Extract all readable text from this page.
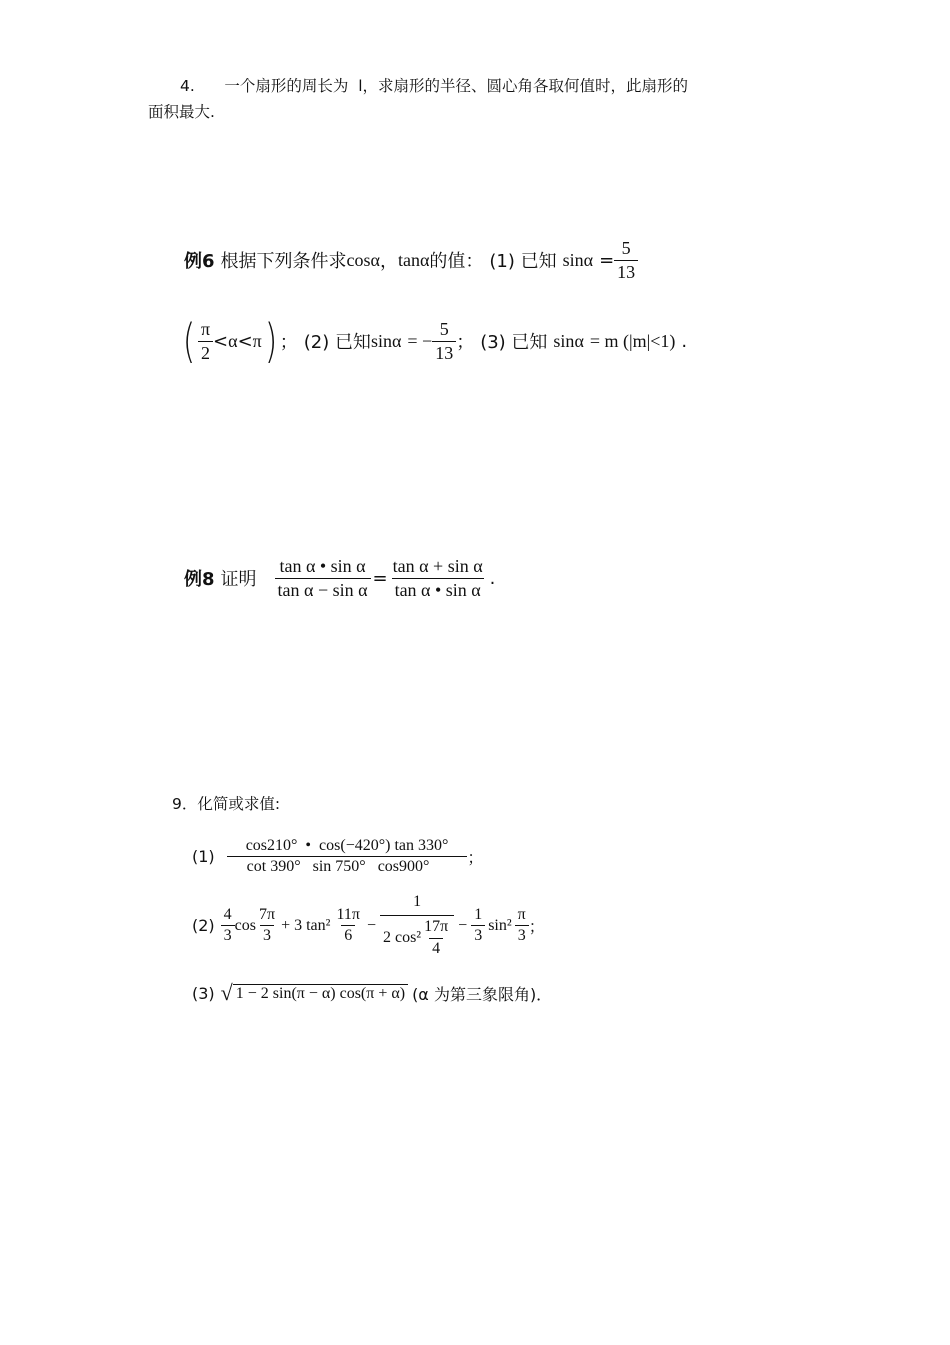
4.      一个扇形的周长为  l，求扇形的半径、圆心角各取何值时，此扇形的
面积最大.
例6 根据下列条件求 cos α ， tan α 的值： (1) 已知 $\sin \alpha = \frac{5}{13}$
( $\frac{\pi}{2} < \alpha < \pi$ ) ； (2) 已知 sin α = − $\frac{5}{13}$ ； (3) 已知 sin α = m (|m|<1) .
例8 证明 $\frac{\text{tan α • sin α}}{\text{tan α − sin α}} = \frac{\text{tan α + sin α}}{\text{tan α • sin α}}$ .
9．化简或求值:
$(1) \frac{\cos 210^\circ • \cos(-420^\circ) \tan 330^\circ}{\cot 390^\circ \sin 750^\circ \cos 900^\circ}$ ；
$(2) \frac{4}{3}$ $\cos \frac{7\pi}{3} + 3$ $\tan^2 \frac{11\pi}{6} - \frac{1}{2 \cos^2 \frac{17\pi}{4}} - \frac{1}{3} \sin^2 \frac{\pi}{3}$ ；
(3) √ 1 − 2 sin(π − α) cos(π + α) (α 为第三象限角)．
